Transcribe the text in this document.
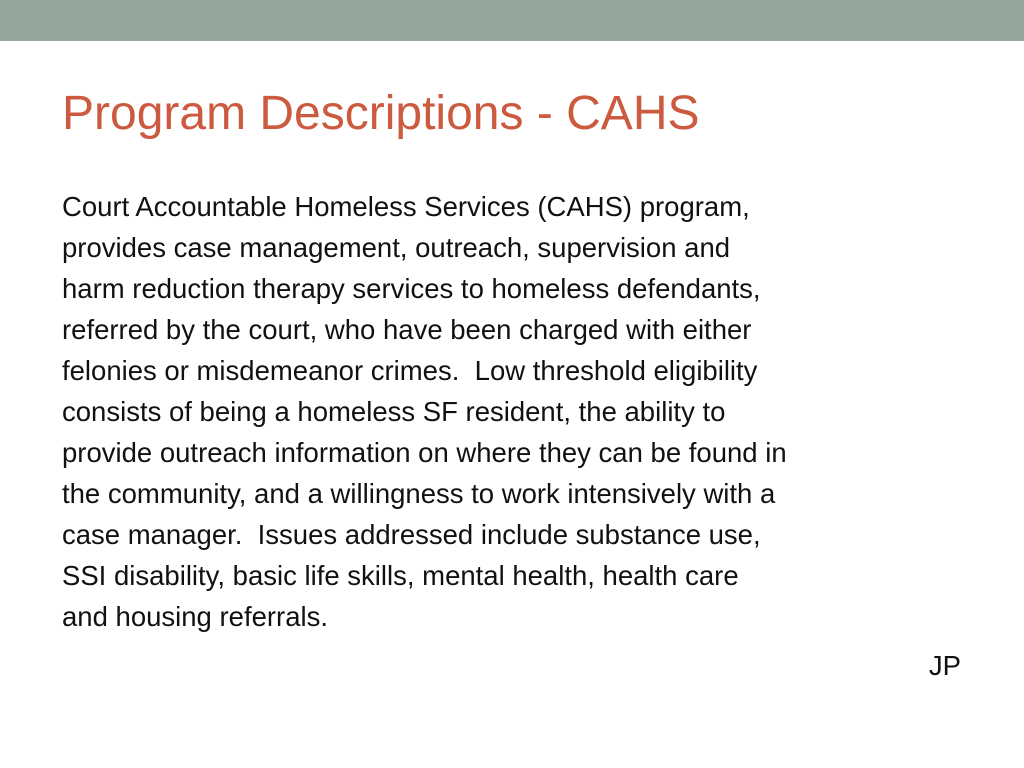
Program Descriptions - CAHS

Court Accountable Homeless Services (CAHS) program,
provides case management, outreach, supervision and
harm reduction therapy services to homeless defendants,
referred by the court, who have been charged with either
felonies or misdemeanor crimes.  Low threshold eligibility
consists of being a homeless SF resident, the ability to
provide outreach information on where they can be found in
the community, and a willingness to work intensively with a
case manager.  Issues addressed include substance use,
SSI disability, basic life skills, mental health, health care
and housing referrals.

JP
